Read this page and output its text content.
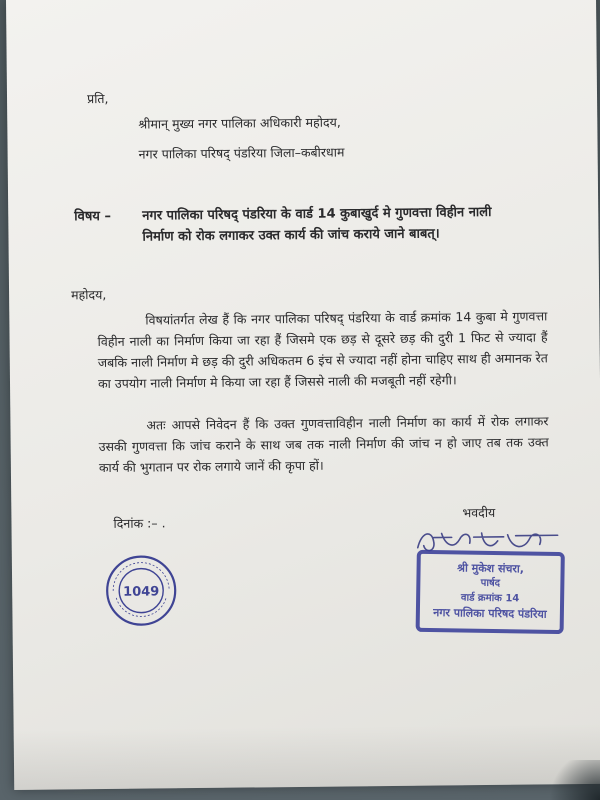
प्रति,
श्रीमान् मुख्य नगर पालिका अधिकारी महोदय,
नगर पालिका परिषद् पंडरिया जिला–कबीरधाम
विषय – नगर पालिका परिषद् पंडरिया के वार्ड 14 कुबाखुर्द मे गुणवत्ता विहीन नाली
निर्माण को रोक लगाकर उक्त कार्य की जांच कराये जाने बाबत्।
महोदय,
विषयांतर्गत लेख हैं कि नगर पालिका परिषद् पंडरिया के वार्ड क्रमांक 14 कुबा मे गुणवत्ता विहीन नाली का निर्माण किया जा रहा हैं जिसमे एक छड़ से दूसरे छड़ की दुरी 1 फिट से ज्यादा हैं जबकि नाली निर्माण मे छड़ की दुरी अधिकतम 6 इंच से ज्यादा नहीं होना चाहिए साथ ही अमानक रेत का उपयोग नाली निर्माण मे किया जा रहा हैं जिससे नाली की मजबूती नहीं रहेगी।
अतः आपसे निवेदन हैं कि उक्त गुणवत्ताविहीन नाली निर्माण का कार्य में रोक लगाकर उसकी गुणवत्ता कि जांच कराने के साथ जब तक नाली निर्माण की जांच न हो जाए तब तक उक्त कार्य की भुगतान पर रोक लगाये जानें की कृपा हों।
दिनांक :– .
भवदीय
1049
श्री मुकेश संचरा,
पार्षद
वार्ड क्रमांक 14
नगर पालिका परिषद पंडरिया
